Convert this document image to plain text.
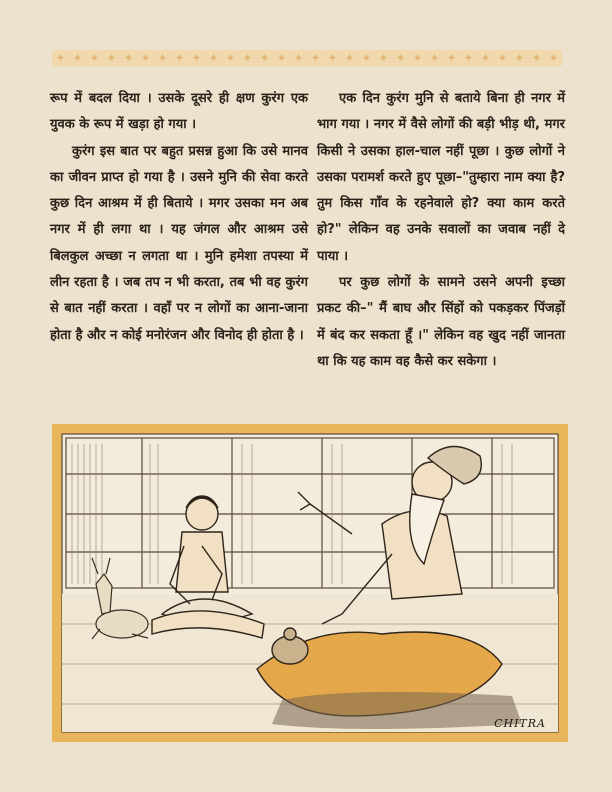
✦ ✦ ✦ ✦ ✦ ✦ ✦ ✦ ✦ ✦ ✦ ✦ ✦ ✦ ✦ ✦ ✦ ✦ ✦ ✦ ✦ ✦ ✦ ✦ ✦ ✦ ✦ ✦ ✦ ✦

रूप में बदल दिया । उसके दूसरे ही क्षण कुरंग एक युवक के रूप में खड़ा हो गया ।

कुरंग इस बात पर बहुत प्रसन्न हुआ कि उसे मानव का जीवन प्राप्त हो गया है । उसने मुनि की सेवा करते कुछ दिन आश्रम में ही बिताये । मगर उसका मन अब नगर में ही लगा था । यह जंगल और आश्रम उसे बिलकुल अच्छा न लगता था । मुनि हमेशा तपस्या में लीन रहता है । जब तप न भी करता, तब भी वह कुरंग से बात नहीं करता । वहाँ पर न लोगों का आना-जाना होता है और न कोई मनोरंजन और विनोद ही होता है ।

एक दिन कुरंग मुनि से बताये बिना ही नगर में भाग गया । नगर में वैसे लोगों की बड़ी भीड़ थी, मगर किसी ने उसका हाल-चाल नहीं पूछा । कुछ लोगों ने उसका परामर्श करते हुए पूछा–"तुम्हारा नाम क्या है? तुम किस गाँव के रहनेवाले हो? क्या काम करते हो?" लेकिन वह उनके सवालों का जवाब नहीं दे पाया ।

पर कुछ लोगों के सामने उसने अपनी इच्छा प्रकट की–" मैं बाघ और सिंहों को पकड़कर पिंजड़ों में बंद कर सकता हूँ ।" लेकिन वह खुद नहीं जानता था कि यह काम वह कैसे कर सकेगा ।

CHITRA
